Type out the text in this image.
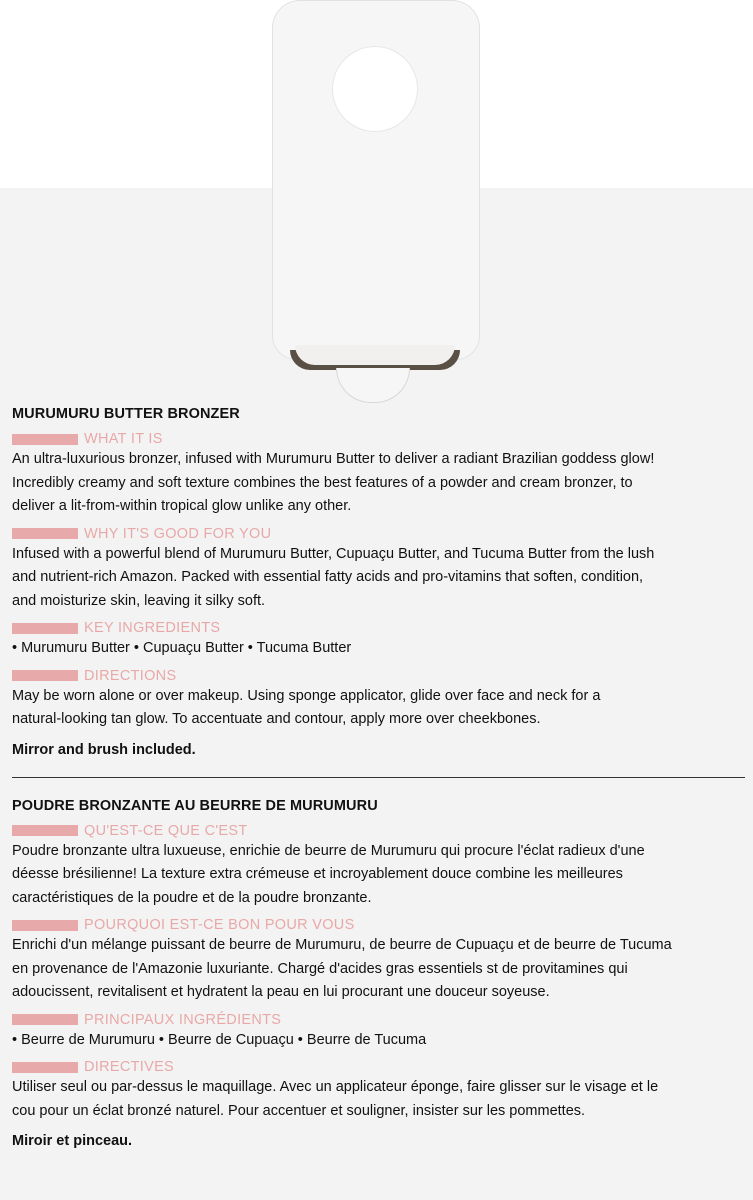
MURUMURU BUTTER BRONZER

WHAT IT IS

An ultra-luxurious bronzer, infused with Murumuru Butter to deliver a radiant Brazilian goddess glow!

Incredibly creamy and soft texture combines the best features of a powder and cream bronzer, to

deliver a lit-from-within tropical glow unlike any other.

WHY IT'S GOOD FOR YOU

Infused with a powerful blend of Murumuru Butter, Cupuaçu Butter, and Tucuma Butter from the lush

and nutrient-rich Amazon. Packed with essential fatty acids and pro-vitamins that soften, condition,

and moisturize skin, leaving it silky soft.

KEY INGREDIENTS

• Murumuru Butter • Cupuaçu Butter • Tucuma Butter

DIRECTIONS

May be worn alone or over makeup. Using sponge applicator, glide over face and neck for a

natural-looking tan glow. To accentuate and contour, apply more over cheekbones.

Mirror and brush included.

POUDRE BRONZANTE AU BEURRE DE MURUMURU

QU'EST-CE QUE C'EST

Poudre bronzante ultra luxueuse, enrichie de beurre de Murumuru qui procure l'éclat radieux d'une

déesse brésilienne! La texture extra crémeuse et incroyablement douce combine les meilleures

caractéristiques de la poudre et de la poudre bronzante.

POURQUOI EST-CE BON POUR VOUS

Enrichi d'un mélange puissant de beurre de Murumuru, de beurre de Cupuaçu et de beurre de Tucuma

en provenance de l'Amazonie luxuriante. Chargé d'acides gras essentiels st de provitamines qui

adoucissent, revitalisent et hydratent la peau en lui procurant une douceur soyeuse.

PRINCIPAUX INGRÉDIENTS

• Beurre de Murumuru • Beurre de Cupuaçu • Beurre de Tucuma

DIRECTIVES

Utiliser seul ou par-dessus le maquillage. Avec un applicateur éponge, faire glisser sur le visage et le

cou pour un éclat bronzé naturel. Pour accentuer et souligner, insister sur les pommettes.

Miroir et pinceau.
